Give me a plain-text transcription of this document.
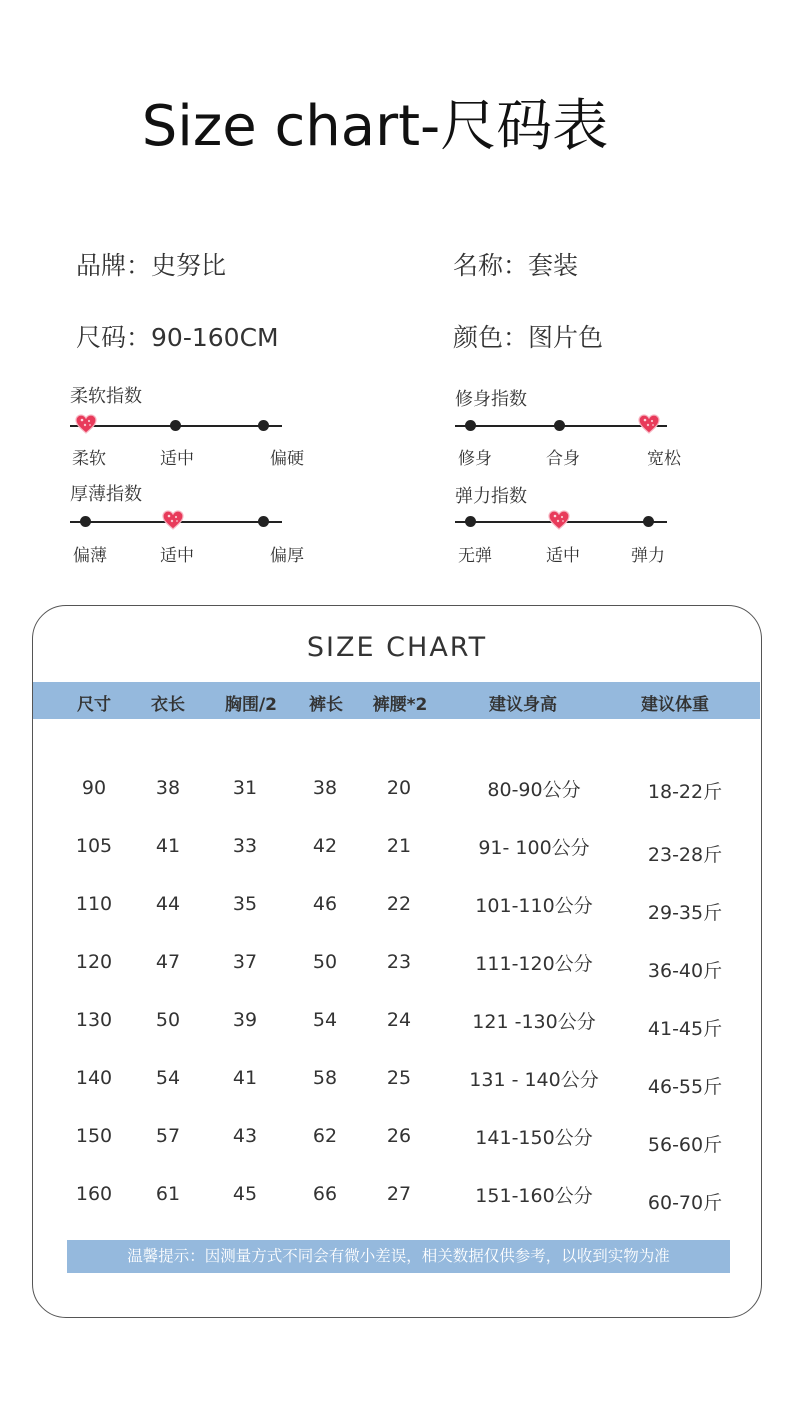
Size chart-尺码表
品牌：史努比	名称：套装
尺码：90-160CM	颜色：图片色
柔软指数
柔软	适中	偏硬
修身指数
修身	合身	宽松
厚薄指数
偏薄	适中	偏厚
弹力指数
无弹	适中	弹力
SIZE CHART
尺寸 衣长 胸围/2 裤长 裤腰*2	建议身高	建议体重
90	38	31	38	20	80-90公分	18-22斤
105 41	33	42	21	91- 100公分	23-28斤
110 44	35	46	22	101-110公分	29-35斤
120 47	37	50	23	111-120公分	36-40斤
130 50	39	54	24	121 -130公分	41-45斤
140 54	41	58	25	131 - 140公分	46-55斤
150 57	43	62	26	141-150公分	56-60斤
160 61	45	66	27	151-160公分	60-70斤
温馨提示：因测量方式不同会有微小差误，相关数据仅供参考，以收到实物为准
